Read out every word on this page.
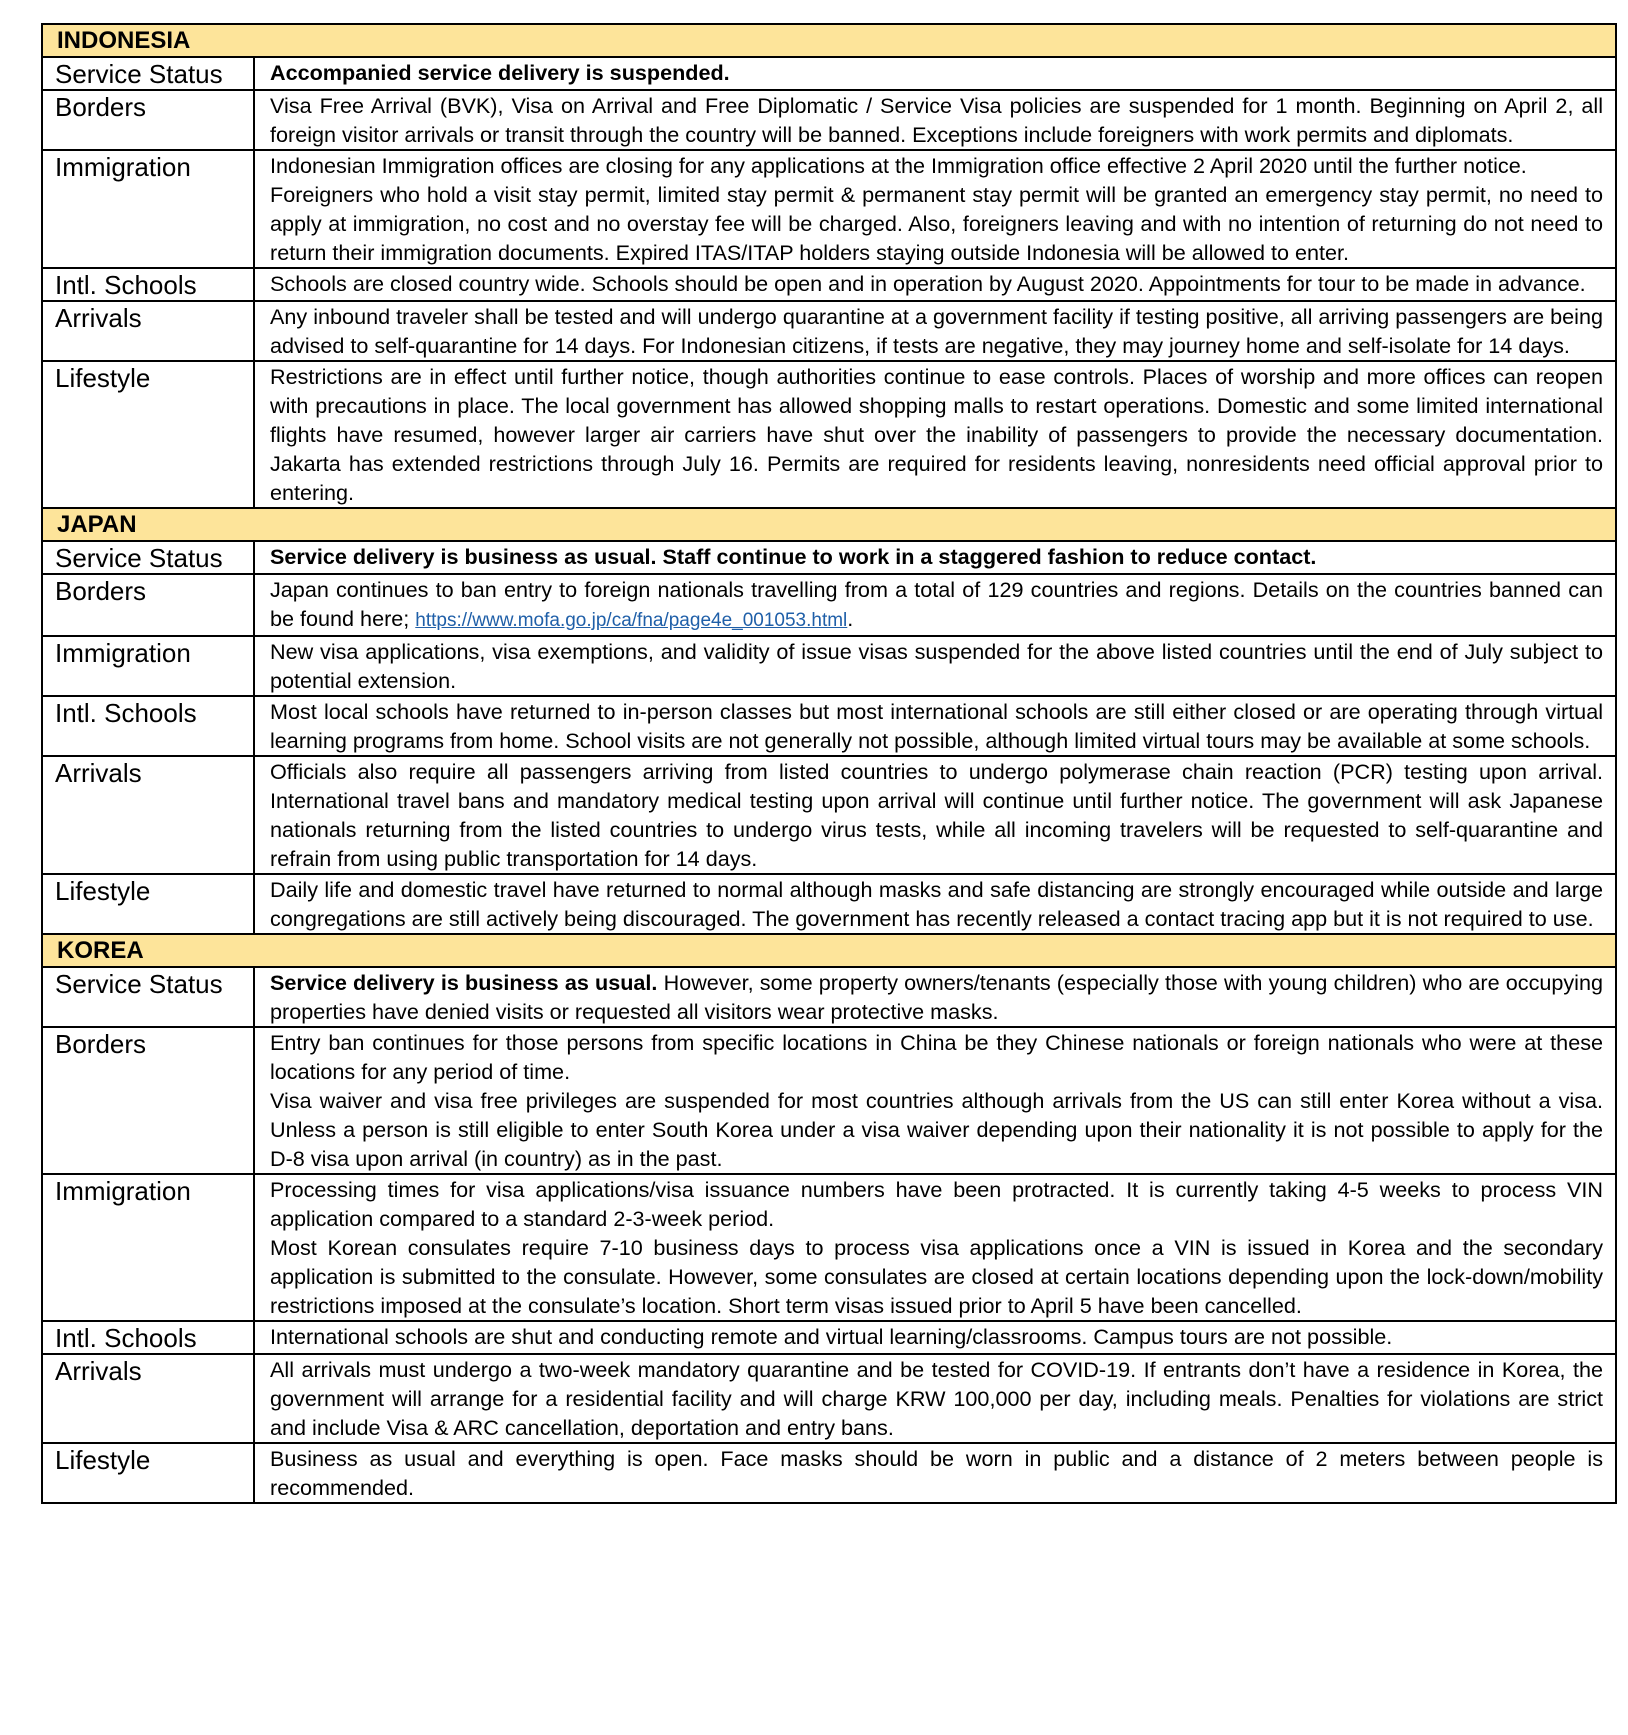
INDONESIA	
Service Status	Accompanied service delivery is suspended.
Borders	Visa Free Arrival (BVK), Visa on Arrival and Free Diplomatic / Service Visa policies are suspended for 1 month. Beginning on April 2, all foreign visitor arrivals or transit through the country will be banned. Exceptions include foreigners with work permits and diplomats.

Immigration	Indonesian Immigration offices are closing for any applications at the Immigration office effective 2 April 2020 until the further notice.

Foreigners who hold a visit stay permit, limited stay permit & permanent stay permit will be granted an emergency stay permit, no need to apply at immigration, no cost and no overstay fee will be charged. Also, foreigners leaving and with no intention of returning do not need to return their immigration documents. Expired ITAS/ITAP holders staying outside Indonesia will be allowed to enter.

Intl. Schools	Schools are closed country wide. Schools should be open and in operation by August 2020. Appointments for tour to be made in advance.

Arrivals	Any inbound traveler shall be tested and will undergo quarantine at a government facility if testing positive, all arriving passengers are being advised to self-quarantine for 14 days. For Indonesian citizens, if tests are negative, they may journey home and self-isolate for 14 days.

Lifestyle	Restrictions are in effect until further notice, though authorities continue to ease controls. Places of worship and more offices can reopen with precautions in place. The local government has allowed shopping malls to restart operations. Domestic and some limited international flights have resumed, however larger air carriers have shut over the inability of passengers to provide the necessary documentation. Jakarta has extended restrictions through July 16. Permits are required for residents leaving, nonresidents need official approval prior to entering.

JAPAN	
Service Status	Service delivery is business as usual. Staff continue to work in a staggered fashion to reduce contact.
Borders	Japan continues to ban entry to foreign nationals travelling from a total of 129 countries and regions. Details on the countries banned can be found here; https://www.mofa.go.jp/ca/fna/page4e_001053.html.
Immigration	New visa applications, visa exemptions, and validity of issue visas suspended for the above listed countries until the end of July subject to potential extension.

Intl. Schools	Most local schools have returned to in-person classes but most international schools are still either closed or are operating through virtual learning programs from home. School visits are not generally not possible, although limited virtual tours may be available at some schools.

Arrivals	Officials also require all passengers arriving from listed countries to undergo polymerase chain reaction (PCR) testing upon arrival. International travel bans and mandatory medical testing upon arrival will continue until further notice. The government will ask Japanese nationals returning from the listed countries to undergo virus tests, while all incoming travelers will be requested to self-quarantine and refrain from using public transportation for 14 days.

Lifestyle	Daily life and domestic travel have returned to normal although masks and safe distancing are strongly encouraged while outside and large congregations are still actively being discouraged. The government has recently released a contact tracing app but it is not required to use.

KOREA	
Service Status	Service delivery is business as usual. However, some property owners/tenants (especially those with young children) who are occupying properties have denied visits or requested all visitors wear protective masks.
Borders	Entry ban continues for those persons from specific locations in China be they Chinese nationals or foreign nationals who were at these locations for any period of time.

Visa waiver and visa free privileges are suspended for most countries although arrivals from the US can still enter Korea without a visa. Unless a person is still eligible to enter South Korea under a visa waiver depending upon their nationality it is not possible to apply for the D-8 visa upon arrival (in country) as in the past.

Immigration	Processing times for visa applications/visa issuance numbers have been protracted. It is currently taking 4-5 weeks to process VIN application compared to a standard 2-3-week period.

Most Korean consulates require 7-10 business days to process visa applications once a VIN is issued in Korea and the secondary application is submitted to the consulate. However, some consulates are closed at certain locations depending upon the lock-down/mobility restrictions imposed at the consulate’s location. Short term visas issued prior to April 5 have been cancelled.

Intl. Schools	International schools are shut and conducting remote and virtual learning/classrooms. Campus tours are not possible.

Arrivals	All arrivals must undergo a two-week mandatory quarantine and be tested for COVID-19. If entrants don’t have a residence in Korea, the government will arrange for a residential facility and will charge KRW 100,000 per day, including meals. Penalties for violations are strict and include Visa & ARC cancellation, deportation and entry bans.

Lifestyle	Business as usual and everything is open. Face masks should be worn in public and a distance of 2 meters between people is recommended.
